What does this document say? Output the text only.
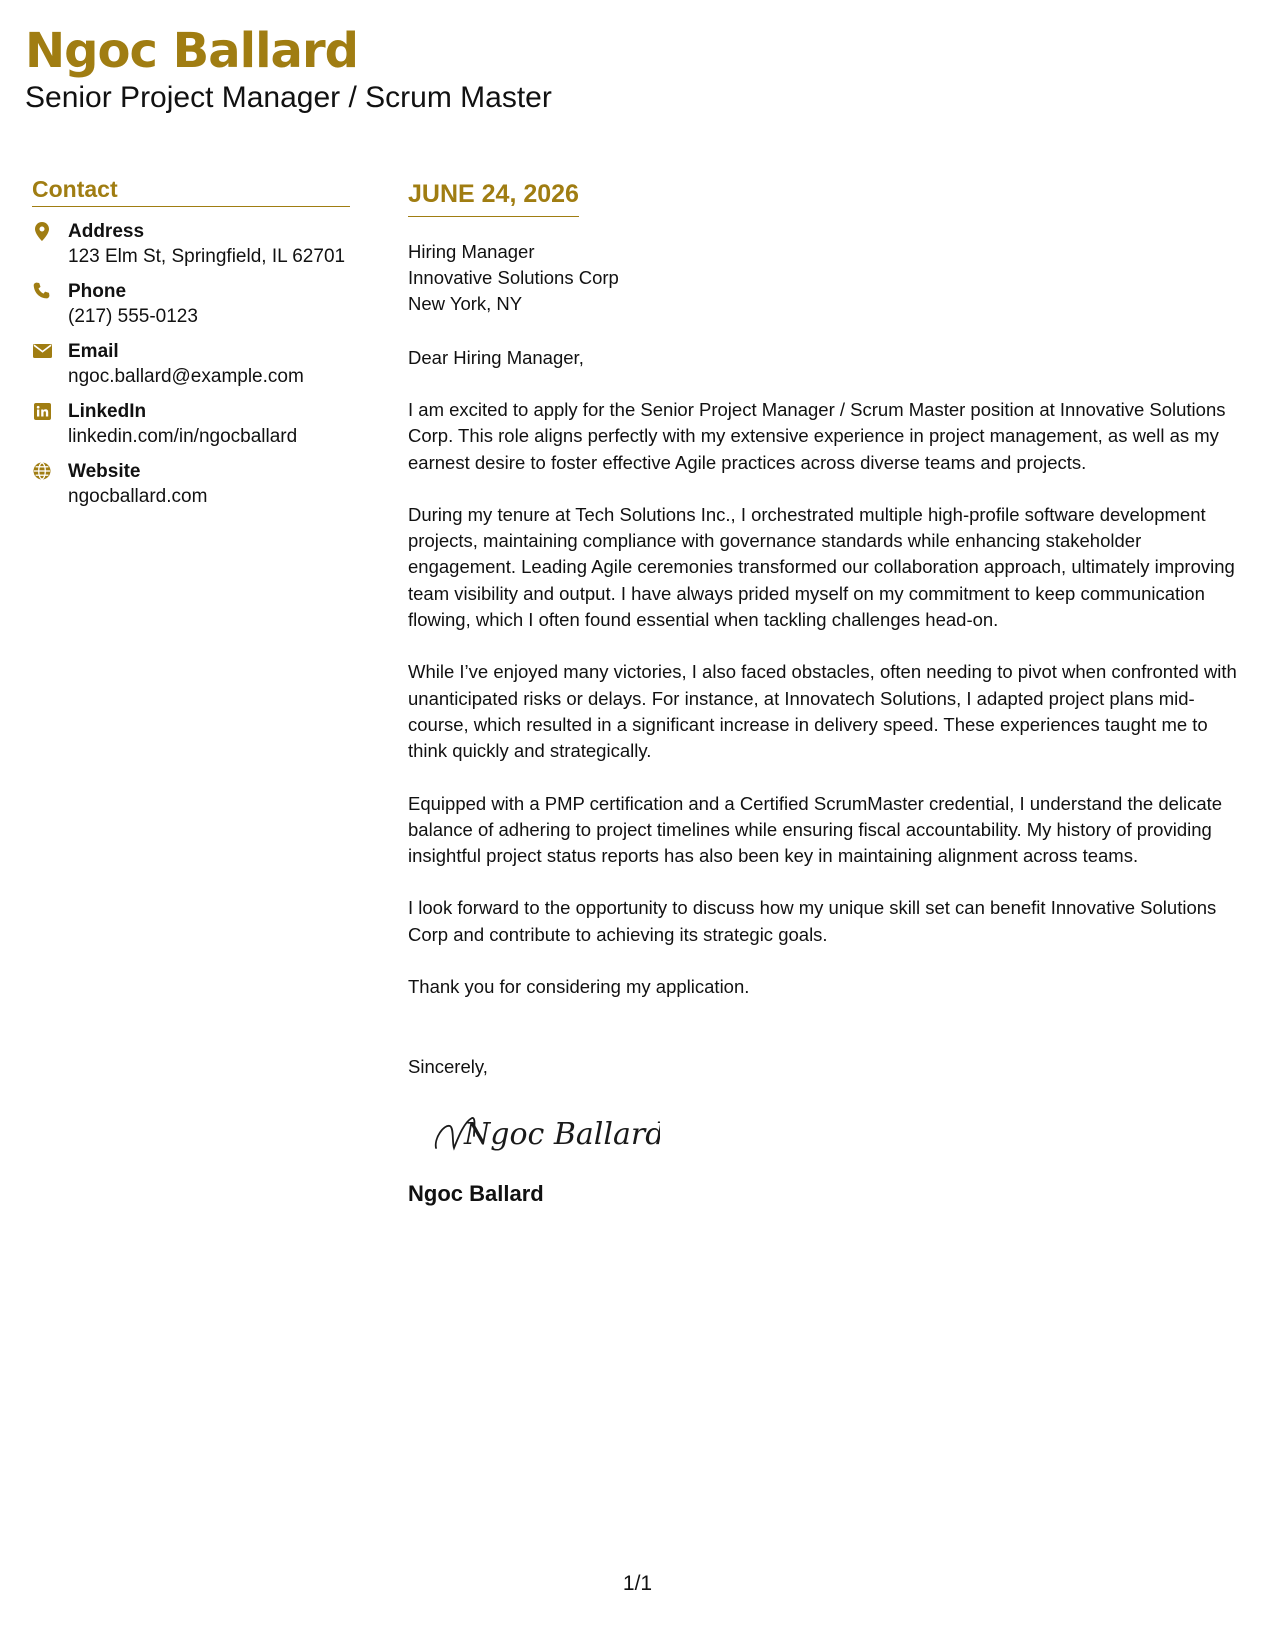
Ngoc Ballard
Senior Project Manager / Scrum Master
Contact
Address
123 Elm St, Springfield, IL 62701
Phone
(217) 555-0123
Email
ngoc.ballard@example.com
LinkedIn
linkedin.com/in/ngocballard
Website
ngocballard.com
JUNE 24, 2026
Hiring Manager
Innovative Solutions Corp
New York, NY
Dear Hiring Manager,

I am excited to apply for the Senior Project Manager / Scrum Master position at Innovative Solutions Corp. This role aligns perfectly with my extensive experience in project management, as well as my earnest desire to foster effective Agile practices across diverse teams and projects.

During my tenure at Tech Solutions Inc., I orchestrated multiple high-profile software development projects, maintaining compliance with governance standards while enhancing stakeholder engagement. Leading Agile ceremonies transformed our collaboration approach, ultimately improving team visibility and output. I have always prided myself on my commitment to keep communication flowing, which I often found essential when tackling challenges head-on.

While I’ve enjoyed many victories, I also faced obstacles, often needing to pivot when confronted with unanticipated risks or delays. For instance, at Innovatech Solutions, I adapted project plans mid-course, which resulted in a significant increase in delivery speed. These experiences taught me to think quickly and strategically.

Equipped with a PMP certification and a Certified ScrumMaster credential, I understand the delicate balance of adhering to project timelines while ensuring fiscal accountability. My history of providing insightful project status reports has also been key in maintaining alignment across teams.

I look forward to the opportunity to discuss how my unique skill set can benefit Innovative Solutions Corp and contribute to achieving its strategic goals.

Thank you for considering my application.

Sincerely,
Ngoc Ballard
Ngoc Ballard
1/1
